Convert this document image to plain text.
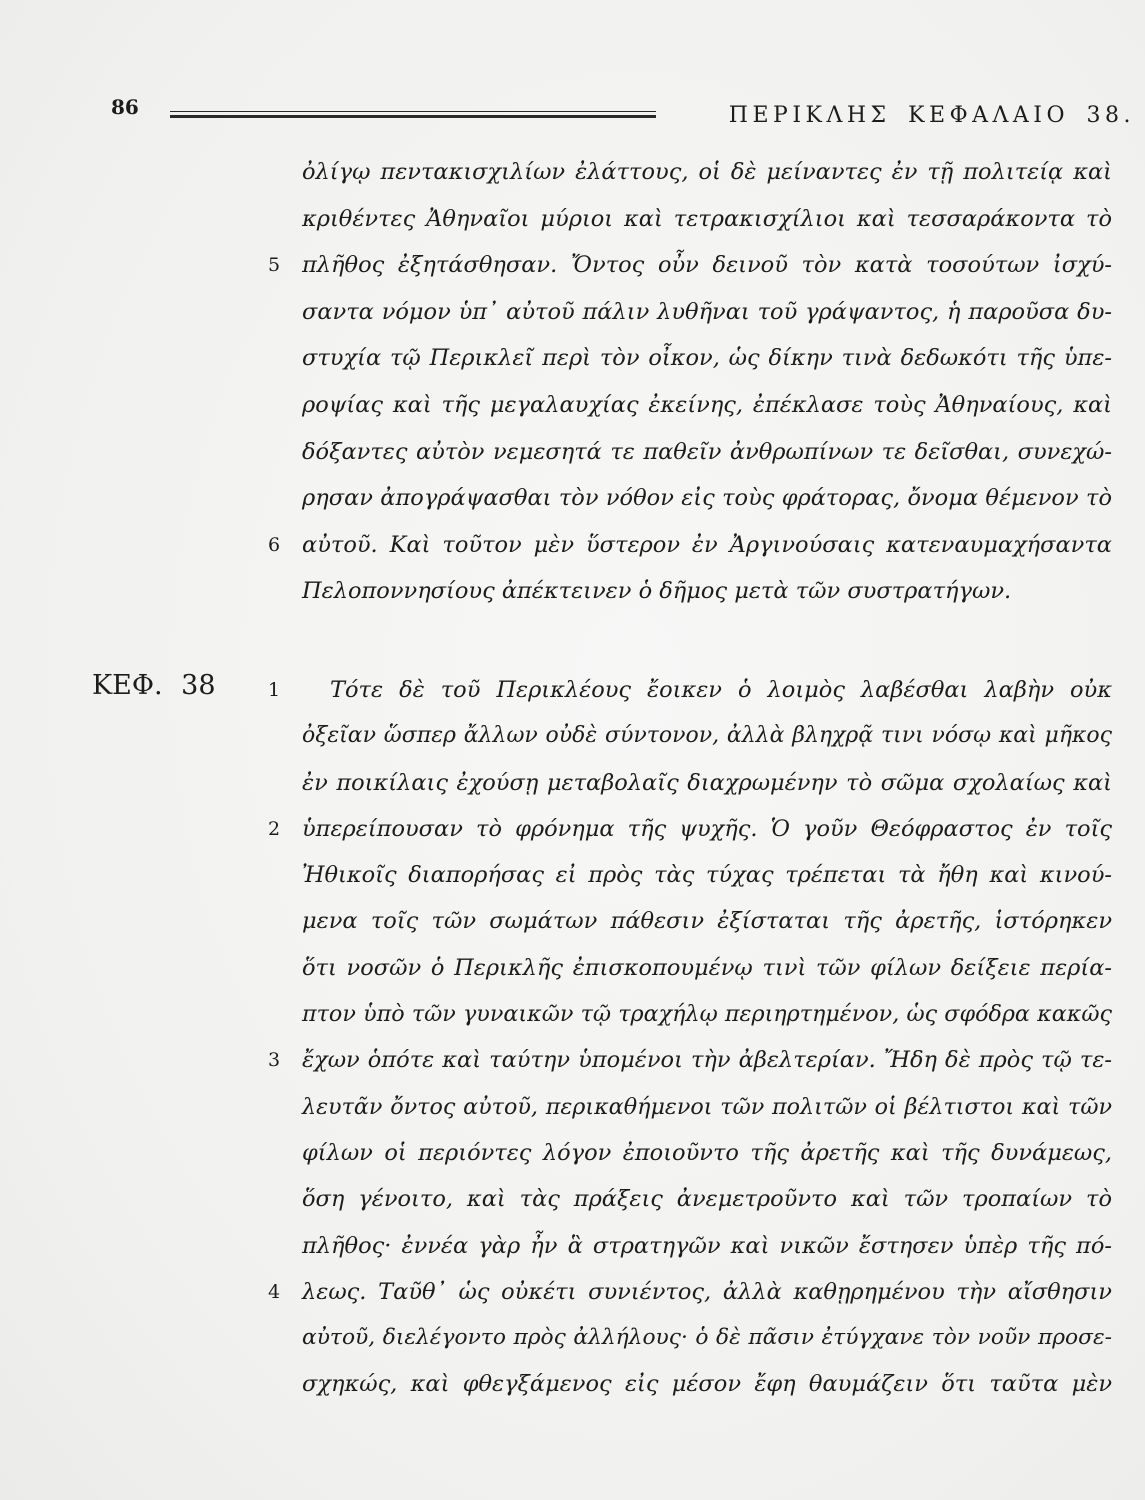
86	ΠΕΡΙΚΛΗΣ ΚΕΦΑΛΑΙΟ 38.
ὀλίγῳ πεντακισχιλίων ἐλάττους, οἱ δὲ μείναντες ἐν τῇ πολιτείᾳ καὶ
κριθέντες Ἀθηναῖοι μύριοι καὶ τετρακισχίλιοι καὶ τεσσαράκοντα τὸ
5 πλῆθος ἐξητάσθησαν. Ὄντος οὖν δεινοῦ τὸν κατὰ τοσούτων ἰσχύ-
σαντα νόμον ὑπ᾽ αὐτοῦ πάλιν λυθῆναι τοῦ γράψαντος, ἡ παροῦσα δυ-
στυχία τῷ Περικλεῖ περὶ τὸν οἶκον, ὡς δίκην τινὰ δεδωκότι τῆς ὑπε-
ροψίας καὶ τῆς μεγαλαυχίας ἐκείνης, ἐπέκλασε τοὺς Ἀθηναίους, καὶ
δόξαντες αὐτὸν νεμεσητά τε παθεῖν ἀνθρωπίνων τε δεῖσθαι, συνεχώ-
ρησαν ἀπογράψασθαι τὸν νόθον εἰς τοὺς φράτορας, ὄνομα θέμενον τὸ
6 αὐτοῦ. Καὶ τοῦτον μὲν ὕστερον ἐν Ἀργινούσαις κατεναυμαχήσαντα
Πελοποννησίους ἀπέκτεινεν ὁ δῆμος μετὰ τῶν συστρατήγων.
ΚΕΦ. 38	1 Τότε δὲ τοῦ Περικλέους ἔοικεν ὁ λοιμὸς λαβέσθαι λαβὴν οὐκ
ὀξεῖαν ὥσπερ ἄλλων οὐδὲ σύντονον, ἀλλὰ βληχρᾷ τινι νόσῳ καὶ μῆκος
ἐν ποικίλαις ἐχούσῃ μεταβολαῖς διαχρωμένην τὸ σῶμα σχολαίως καὶ
2 ὑπερείπουσαν τὸ φρόνημα τῆς ψυχῆς. Ὁ γοῦν Θεόφραστος ἐν τοῖς
Ἠθικοῖς διαπορήσας εἰ πρὸς τὰς τύχας τρέπεται τὰ ἤθη καὶ κινού-
μενα τοῖς τῶν σωμάτων πάθεσιν ἐξίσταται τῆς ἀρετῆς, ἱστόρηκεν
ὅτι νοσῶν ὁ Περικλῆς ἐπισκοπουμένῳ τινὶ τῶν φίλων δείξειε περία-
πτον ὑπὸ τῶν γυναικῶν τῷ τραχήλῳ περιηρτημένον, ὡς σφόδρα κακῶς
3 ἔχων ὁπότε καὶ ταύτην ὑπομένοι τὴν ἀβελτερίαν. Ἤδη δὲ πρὸς τῷ τε-
λευτᾶν ὄντος αὐτοῦ, περικαθήμενοι τῶν πολιτῶν οἱ βέλτιστοι καὶ τῶν
φίλων οἱ περιόντες λόγον ἐποιοῦντο τῆς ἀρετῆς καὶ τῆς δυνάμεως,
ὅση γένοιτο, καὶ τὰς πράξεις ἀνεμετροῦντο καὶ τῶν τροπαίων τὸ
πλῆθος· ἐννέα γὰρ ἦν ἃ στρατηγῶν καὶ νικῶν ἔστησεν ὑπὲρ τῆς πό-
4 λεως. Ταῦθ᾽ ὡς οὐκέτι συνιέντος, ἀλλὰ καθῃρημένου τὴν αἴσθησιν
αὐτοῦ, διελέγοντο πρὸς ἀλλήλους· ὁ δὲ πᾶσιν ἐτύγχανε τὸν νοῦν προσε-
σχηκώς, καὶ φθεγξάμενος εἰς μέσον ἔφη θαυμάζειν ὅτι ταῦτα μὲν
